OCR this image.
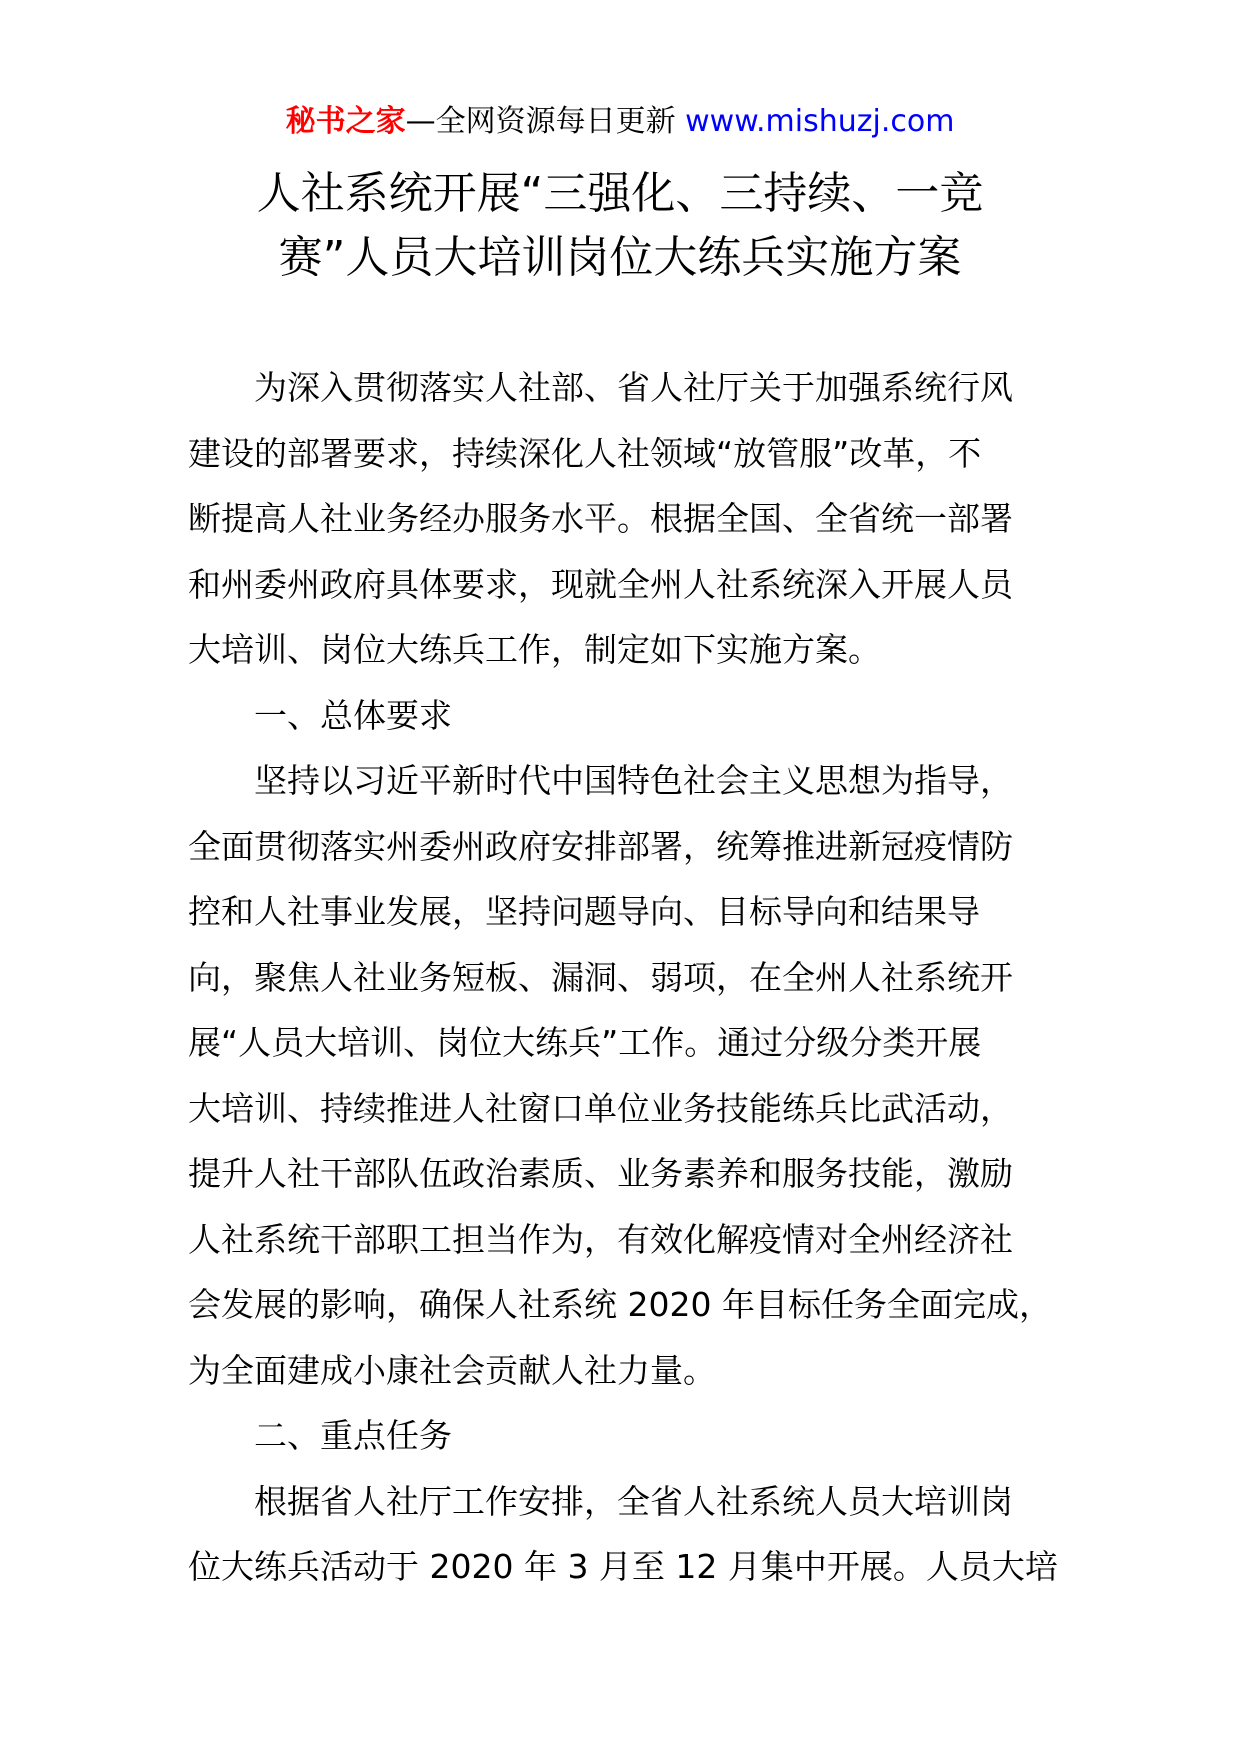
秘书之家—全网资源每日更新 www.mishuzj.com
人社系统开展“三强化、三持续、一竞
赛”人员大培训岗位大练兵实施方案
为深入贯彻落实人社部、省人社厅关于加强系统行风
建设的部署要求，持续深化人社领域“放管服”改革，不
断提高人社业务经办服务水平。根据全国、全省统一部署
和州委州政府具体要求，现就全州人社系统深入开展人员
大培训、岗位大练兵工作，制定如下实施方案。
一、总体要求
坚持以习近平新时代中国特色社会主义思想为指导，
全面贯彻落实州委州政府安排部署，统筹推进新冠疫情防
控和人社事业发展，坚持问题导向、目标导向和结果导
向，聚焦人社业务短板、漏洞、弱项，在全州人社系统开
展“人员大培训、岗位大练兵”工作。通过分级分类开展
大培训、持续推进人社窗口单位业务技能练兵比武活动，
提升人社干部队伍政治素质、业务素养和服务技能，激励
人社系统干部职工担当作为，有效化解疫情对全州经济社
会发展的影响，确保人社系统 2020 年目标任务全面完成，
为全面建成小康社会贡献人社力量。
二、重点任务
根据省人社厅工作安排，全省人社系统人员大培训岗
位大练兵活动于 2020 年 3 月至 12 月集中开展。人员大培
